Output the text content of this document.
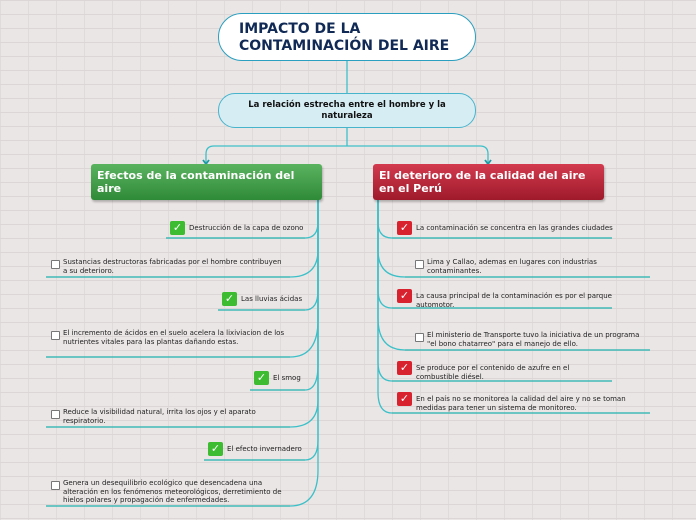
IMPACTO DE LA CONTAMINACIÓN DEL AIRE
La relación estrecha entre el hombre y la naturaleza
Efectos de la contaminación del aire
El deterioro de la calidad del aire en el Perú
✓ Destrucción de la capa de ozono
Sustancias destructoras fabricadas por el hombre contribuyen a su deterioro.
✓ Las lluvias ácidas
El incremento de ácidos en el suelo acelera la lixiviacion de los nutrientes vitales para las plantas dañando estas.
✓ El smog
Reduce la visibilidad natural, irrita los ojos y el aparato respiratorio.
✓ El efecto invernadero
Genera un desequilibrio ecológico que desencadena una alteración en los fenómenos meteorológicos, derretimiento de hielos polares y propagación de enfermedades.
✓ La contaminación se concentra en las grandes ciudades
Lima y Callao, ademas en lugares con industrias contaminantes.
✓ La causa principal de la contaminación es por el parque automotor.
El ministerio de Transporte tuvo la iniciativa de un programa "el bono chatarreo" para el manejo de ello.
✓ Se produce por el contenido de azufre en el combustible diésel.
✓ En el país no se monitorea la calidad del aire y no se toman medidas para tener un sistema de monitoreo.
